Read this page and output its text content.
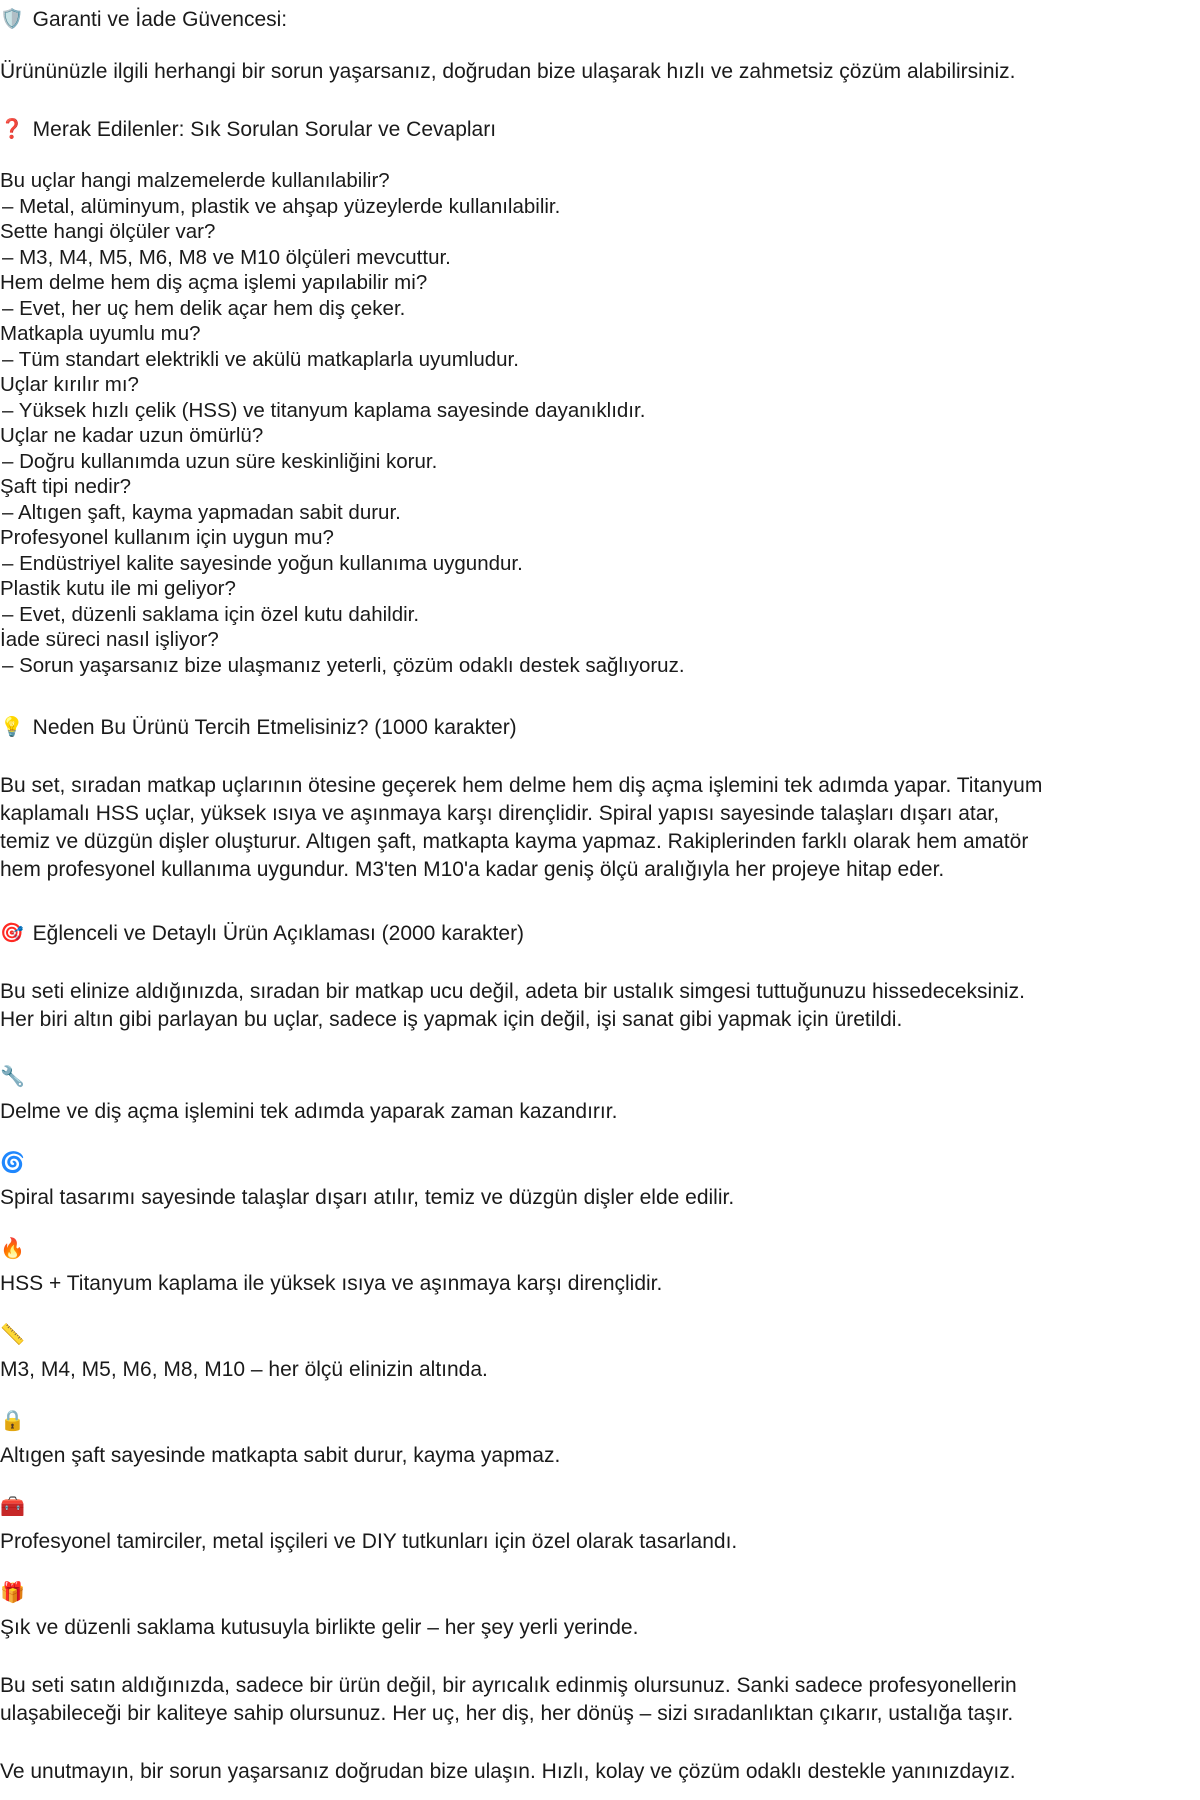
🛡️ Garanti ve İade Güvencesi:

Ürününüzle ilgili herhangi bir sorun yaşarsanız, doğrudan bize ulaşarak hızlı ve zahmetsiz çözüm alabilirsiniz.

❓ Merak Edilenler: Sık Sorulan Sorular ve Cevapları

Bu uçlar hangi malzemelerde kullanılabilir?

– Metal, alüminyum, plastik ve ahşap yüzeylerde kullanılabilir.

Sette hangi ölçüler var?

– M3, M4, M5, M6, M8 ve M10 ölçüleri mevcuttur.

Hem delme hem diş açma işlemi yapılabilir mi?

– Evet, her uç hem delik açar hem diş çeker.

Matkapla uyumlu mu?

– Tüm standart elektrikli ve akülü matkaplarla uyumludur.

Uçlar kırılır mı?

– Yüksek hızlı çelik (HSS) ve titanyum kaplama sayesinde dayanıklıdır.

Uçlar ne kadar uzun ömürlü?

– Doğru kullanımda uzun süre keskinliğini korur.

Şaft tipi nedir?

– Altıgen şaft, kayma yapmadan sabit durur.

Profesyonel kullanım için uygun mu?

– Endüstriyel kalite sayesinde yoğun kullanıma uygundur.

Plastik kutu ile mi geliyor?

– Evet, düzenli saklama için özel kutu dahildir.

İade süreci nasıl işliyor?

– Sorun yaşarsanız bize ulaşmanız yeterli, çözüm odaklı destek sağlıyoruz.

💡 Neden Bu Ürünü Tercih Etmelisiniz? (1000 karakter)

Bu set, sıradan matkap uçlarının ötesine geçerek hem delme hem diş açma işlemini tek adımda yapar. Titanyum kaplamalı HSS uçlar, yüksek ısıya ve aşınmaya karşı dirençlidir. Spiral yapısı sayesinde talaşları dışarı atar, temiz ve düzgün dişler oluşturur. Altıgen şaft, matkapta kayma yapmaz. Rakiplerinden farklı olarak hem amatör hem profesyonel kullanıma uygundur. M3'ten M10'a kadar geniş ölçü aralığıyla her projeye hitap eder.

🎯 Eğlenceli ve Detaylı Ürün Açıklaması (2000 karakter)

Bu seti elinize aldığınızda, sıradan bir matkap ucu değil, adeta bir ustalık simgesi tuttuğunuzu hissedeceksiniz. Her biri altın gibi parlayan bu uçlar, sadece iş yapmak için değil, işi sanat gibi yapmak için üretildi.

🔧

Delme ve diş açma işlemini tek adımda yaparak zaman kazandırır.

🌀

Spiral tasarımı sayesinde talaşlar dışarı atılır, temiz ve düzgün dişler elde edilir.

🔥

HSS + Titanyum kaplama ile yüksek ısıya ve aşınmaya karşı dirençlidir.

📏

M3, M4, M5, M6, M8, M10 – her ölçü elinizin altında.

🔒

Altıgen şaft sayesinde matkapta sabit durur, kayma yapmaz.

🧰

Profesyonel tamirciler, metal işçileri ve DIY tutkunları için özel olarak tasarlandı.

🎁

Şık ve düzenli saklama kutusuyla birlikte gelir – her şey yerli yerinde.

Bu seti satın aldığınızda, sadece bir ürün değil, bir ayrıcalık edinmiş olursunuz. Sanki sadece profesyonellerin ulaşabileceği bir kaliteye sahip olursunuz. Her uç, her diş, her dönüş – sizi sıradanlıktan çıkarır, ustalığa taşır.

Ve unutmayın, bir sorun yaşarsanız doğrudan bize ulaşın. Hızlı, kolay ve çözüm odaklı destekle yanınızdayız.
